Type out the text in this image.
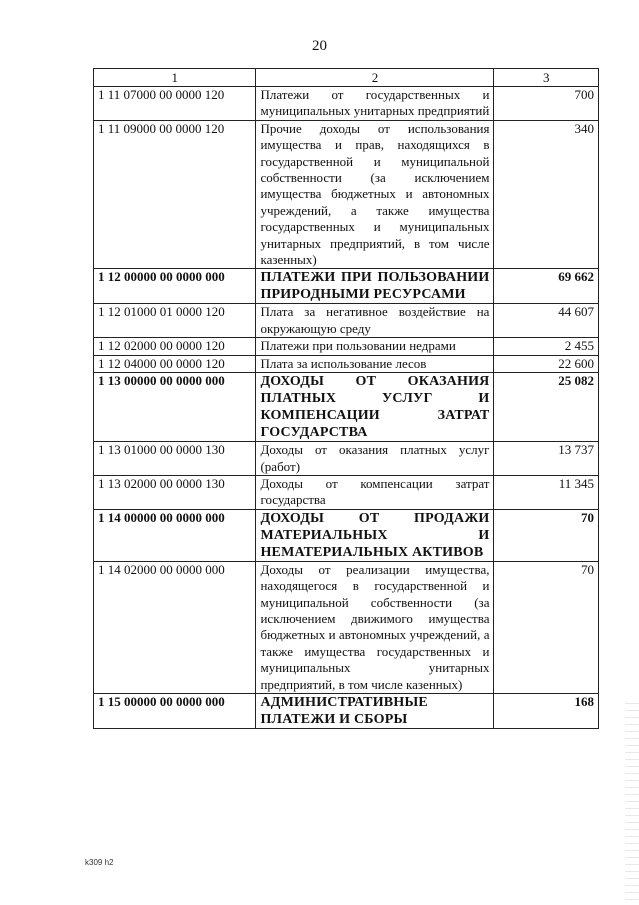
20
1	2	3
1 11 07000 00 0000 120	Платежи от государственных и муниципальных унитарных предприятий	700
1 11 09000 00 0000 120	Прочие доходы от использования имущества и прав, находящихся в государственной и муниципальной собственности (за исключением имущества бюджетных и автономных учреждений, а также имущества государственных и муниципальных унитарных предприятий, в том числе казенных)	340
1 12 00000 00 0000 000	ПЛАТЕЖИ ПРИ ПОЛЬЗОВАНИИ ПРИРОДНЫМИ РЕСУРСАМИ	69 662
1 12 01000 01 0000 120	Плата за негативное воздействие на окружающую среду	44 607
1 12 02000 00 0000 120	Платежи при пользовании недрами	2 455
1 12 04000 00 0000 120	Плата за использование лесов	22 600
1 13 00000 00 0000 000	ДОХОДЫ ОТ ОКАЗАНИЯ ПЛАТНЫХ УСЛУГ И КОМПЕНСАЦИИ ЗАТРАТ ГОСУДАРСТВА	25 082
1 13 01000 00 0000 130	Доходы от оказания платных услуг (работ)	13 737
1 13 02000 00 0000 130	Доходы от компенсации затрат государства	11 345
1 14 00000 00 0000 000	ДОХОДЫ ОТ ПРОДАЖИ МАТЕРИАЛЬНЫХ И НЕМАТЕРИАЛЬНЫХ АКТИВОВ	70
1 14 02000 00 0000 000	Доходы от реализации имущества, находящегося в государственной и муниципальной собственности (за исключением движимого имущества бюджетных и автономных учреждений, а также имущества государственных и муниципальных унитарных предприятий, в том числе казенных)	70
1 15 00000 00 0000 000	АДМИНИСТРАТИВНЫЕ ПЛАТЕЖИ И СБОРЫ	168
k309 h2
